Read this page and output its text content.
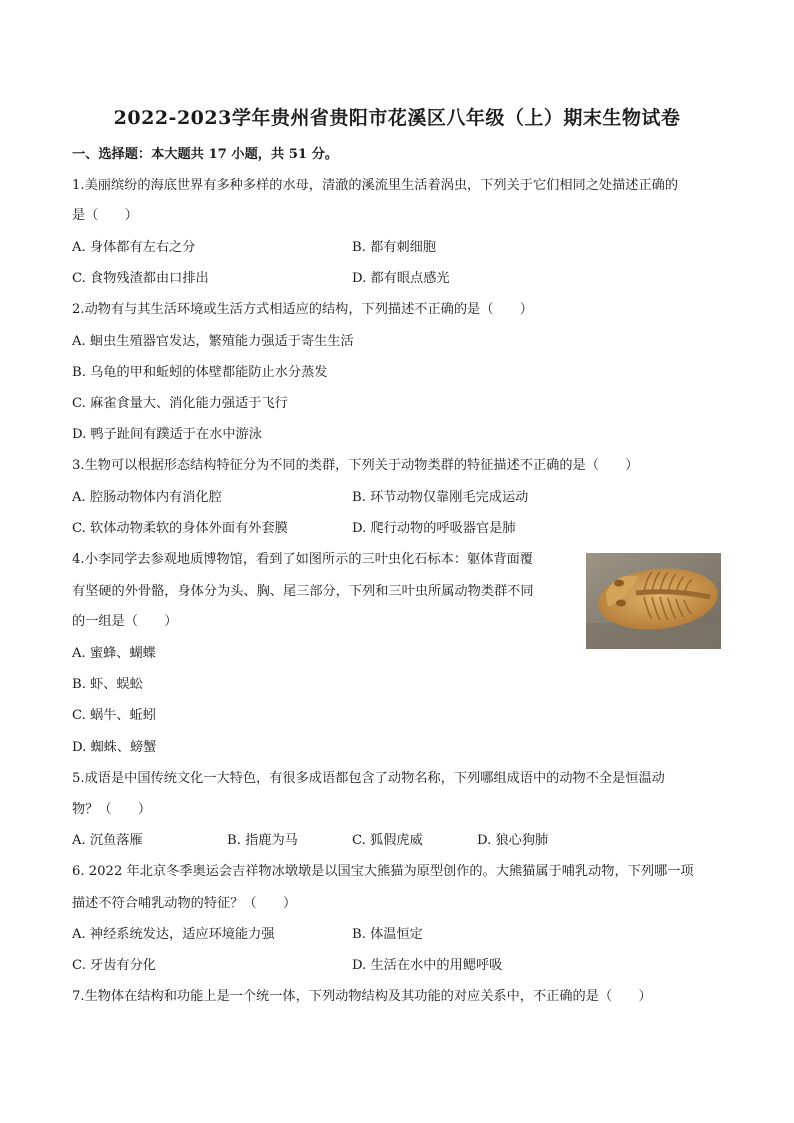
2022-2023学年贵州省贵阳市花溪区八年级（上）期末生物试卷
一、选择题：本大题共 17 小题，共 51 分。
1.美丽缤纷的海底世界有多种多样的水母，清澈的溪流里生活着涡虫，下列关于它们相同之处描述正确的
是（　　）
A. 身体都有左右之分	B. 都有刺细胞
C. 食物残渣都由口排出	D. 都有眼点感光
2.动物有与其生活环境或生活方式相适应的结构，下列描述不正确的是（　　）
A. 蛔虫生殖器官发达，繁殖能力强适于寄生生活
B. 乌龟的甲和蚯蚓的体壁都能防止水分蒸发
C. 麻雀食量大、消化能力强适于飞行
D. 鸭子趾间有蹼适于在水中游泳
3.生物可以根据形态结构特征分为不同的类群，下列关于动物类群的特征描述不正确的是（　　）
A. 腔肠动物体内有消化腔	B. 环节动物仅靠刚毛完成运动
C. 软体动物柔软的身体外面有外套膜	D. 爬行动物的呼吸器官是肺
4.小李同学去参观地质博物馆，看到了如图所示的三叶虫化石标本：躯体背面覆
有坚硬的外骨骼，身体分为头、胸、尾三部分，下列和三叶虫所属动物类群不同
的一组是（　　）
A. 蜜蜂、蝴蝶
B. 虾、蜈蚣
C. 蜗牛、蚯蚓
D. 蜘蛛、螃蟹
5.成语是中国传统文化一大特色，有很多成语都包含了动物名称，下列哪组成语中的动物不全是恒温动
物？（　　）
A. 沉鱼落雁	B. 指鹿为马	C. 狐假虎威	D. 狼心狗肺
6. 2022 年北京冬季奥运会吉祥物冰墩墩是以国宝大熊猫为原型创作的。大熊猫属于哺乳动物，下列哪一项
描述不符合哺乳动物的特征？（　　）
A. 神经系统发达，适应环境能力强	B. 体温恒定
C. 牙齿有分化	D. 生活在水中的用鳃呼吸
7.生物体在结构和功能上是一个统一体，下列动物结构及其功能的对应关系中，不正确的是（　　）
